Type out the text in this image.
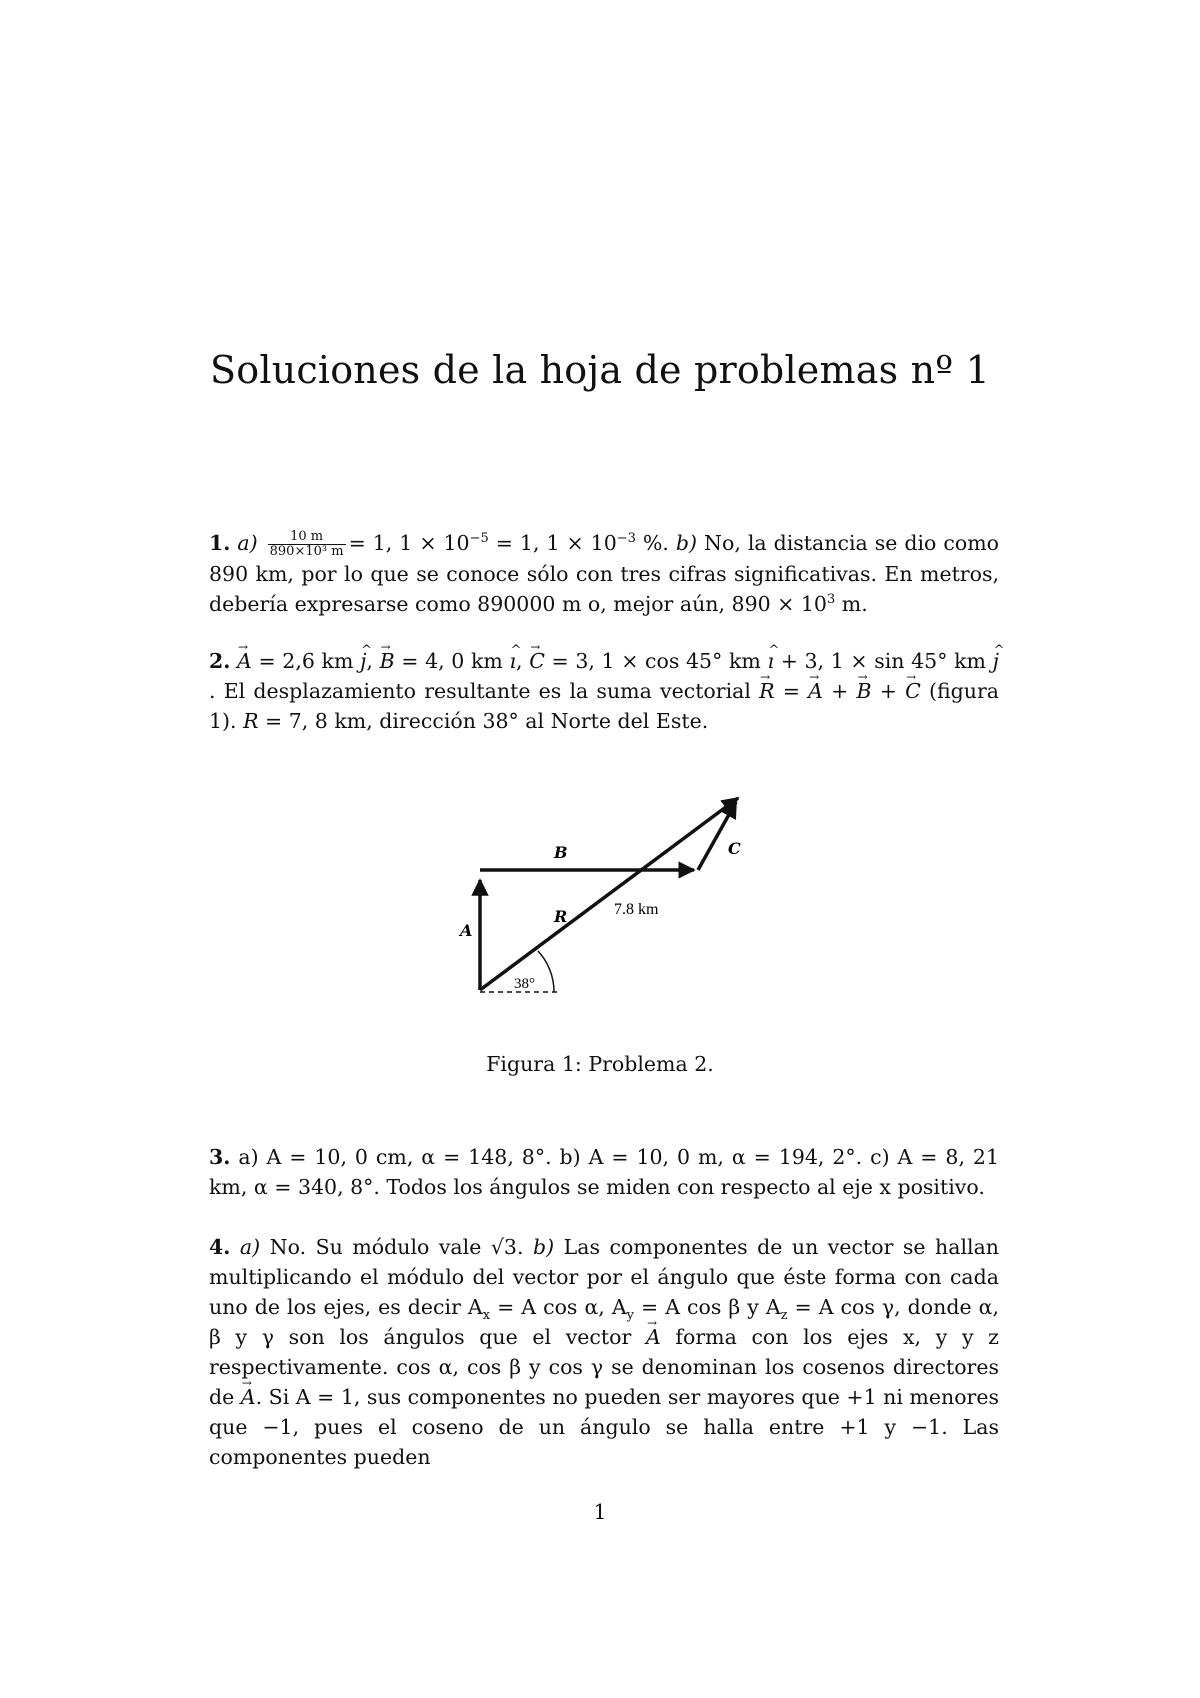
Soluciones de la hoja de problemas nº 1
1. $a) \frac{10 m}{\text{890×10³ m}} = 1$, $1 \times 10^{-5} = 1$, $1 \times 10^{-3}$ %. b) No, la distancia se dio como 890 km, por lo que se conoce sólo con tres cifras significativas. En metros, debería expresarse como 890000 m o, mejor aún, $890 \times 10^3$ m.
2. → A = 2,6 km ^ j, → B = 4, 0 km ^ ı, → C = 3, 1 × cos 45° km ^ ı + 3, 1 × sin 45° km ^ j. El desplazamiento resultante es la suma vectorial → R = → A + → B + → C (figura 1). R = 7, 8 km, dirección 38° al Norte del Este.
B	C
A
R	7.8 km
38°
Figura 1: Problema 2.
3. a) A = 10, 0 cm, α = 148, 8°. b) A = 10, 0 m, α = 194, 2°. c) A = 8, 21 km, α = 340, 8°. Todos los ángulos se miden con respecto al eje x positivo.
4. a) No. Su módulo vale √3. b) Las componentes de un vector se hallan multiplicando el módulo del vector por el ángulo que éste forma con cada uno de los ejes, es decir $A_x = A$ cos α, $A_y = A$ cos β y $A_z = A$ cos γ, donde α, β y γ son los ángulos que el vector → A forma con los ejes x, y y z respectivamente. cos α, cos β y cos γ se denominan los cosenos directores de → A. Si A = 1, sus componentes no pueden ser mayores que +1 ni menores que −1, pues el coseno de un ángulo se halla entre +1 y −1. Las componentes pueden
1
